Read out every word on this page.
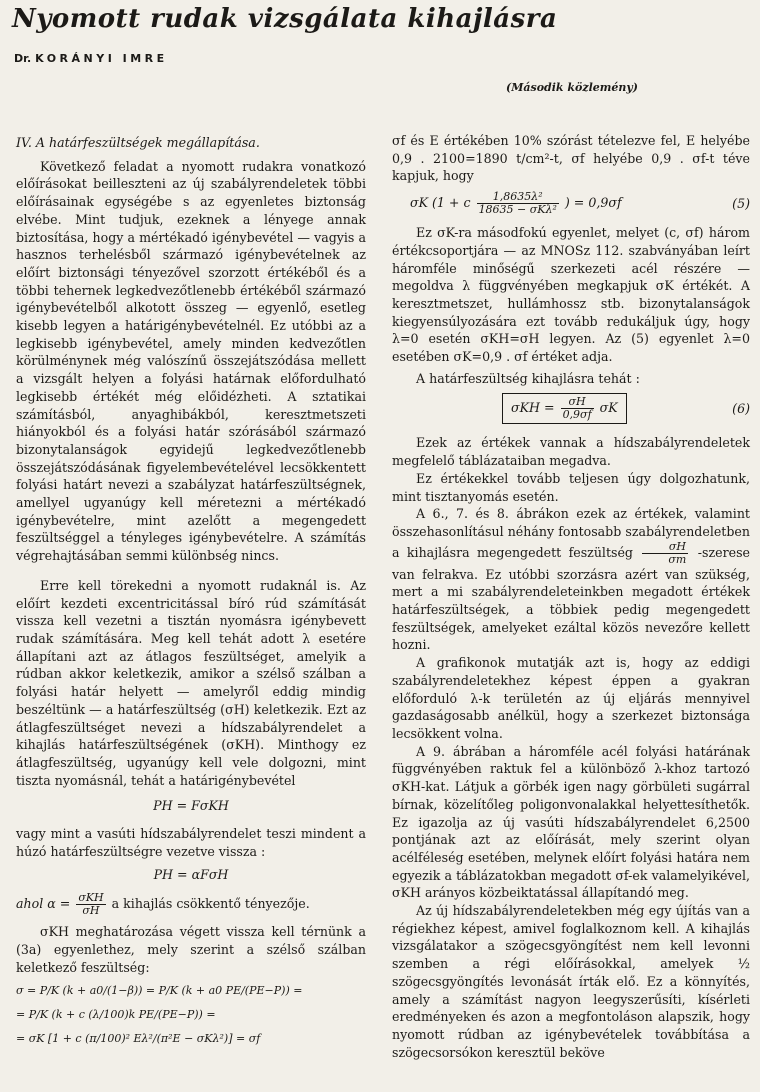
Nyomott rudak vizsgálata kihajlásra
Dr. KORÁNYI IMRE
(Második közlemény)
IV. A határfeszültségek megállapítása.

Következő feladat a nyomott rudakra vonatkozó előírásokat beilleszteni az új szabályrendeletek többi előírásainak egységébe s az egyenletes biztonság elvébe. Mint tudjuk, ezeknek a lényege annak biztosítása, hogy a mértékadó igénybevétel — vagyis a hasznos terhelésből származó igénybevételnek az előírt biztonsági tényezővel szorzott értékéből és a többi tehernek legkedvezőtlenebb értékéből származó igénybevételből alkotott összeg — egyenlő, esetleg kisebb legyen a határigénybevételnél. Ez utóbbi az a legkisebb igénybevétel, amely minden kedvezőtlen körülménynek még valószínű összejátszódása mellett a vizsgált helyen a folyási határnak előfordulható legkisebb értékét még előidézheti. A sztatikai számításból, anyaghibákból, keresztmetszeti hiányokból és a folyási határ szórásából származó bizonytalanságok egyidejű legkedvezőtlenebb összejátszódásának figyelembevételével lecsökkentett folyási határt nevezi a szabályzat határfeszültségnek, amellyel ugyanúgy kell méretezni a mértékadó igénybevételre, mint azelőtt a megengedett feszültséggel a tényleges igénybevételre. A számítás végrehajtásában semmi különbség nincs.

Erre kell törekedni a nyomott rudaknál is. Az előírt kezdeti excentricitással bíró rúd számítását vissza kell vezetni a tisztán nyomásra igénybevett rudak számítására. Meg kell tehát adott λ esetére állapítani azt az átlagos feszültséget, amelyik a rúdban akkor keletkezik, amikor a szélső szálban a folyási határ helyett — amelyről eddig mindig beszéltünk — a határfeszültség (σH) keletkezik. Ezt az átlagfeszültséget nevezi a hídszabályrendelet a kihajlás határfeszültségének (σKH). Minthogy ez átlagfeszültség, ugyanúgy kell vele dolgozni, mint tiszta nyomásnál, tehát a határigénybevétel

PH = FσKH

vagy mint a vasúti hídszabályrendelet teszi mindent a húzó határfeszültségre vezetve vissza :

PH = αFσH

ahol $\alpha = \frac{\text{σKH}}{\sigma H}$ a kihajlás csökkentő tényezője.

σKH meghatározása végett vissza kell térnünk a (3a) egyenlethez, mely szerint a szélső szálban keletkező feszültség:

σ = P/K (k + a0/(1−β)) = P/K (k + a0 PE/(PE−P)) =
= P/K (k + c (λ/100)k PE/(PE−P)) =
= σK [1 + c (π/100)² Eλ²/(π²E − σKλ²)] = σf

σf és E értékében 10% szórást tételezve fel, E helyébe 0,9 . 2100=1890 t/cm²-t, σf helyébe 0,9 . σf-t téve kapjuk, hogy

σK (1 + c $\frac{\text{1,8635λ²}}{\text{18635 − σKλ²}}$ ) = 0,9σf	(5)

Ez σK-ra másodfokú egyenlet, melyet (c, σf) három értékcsoportjára — az MNOSz 112. szabványában leírt háromféle minőségű szerkezeti acél részére — megoldva λ függvényében megkapjuk σK értékét. A keresztmetszet, hullámhossz stb. bizonytalanságok kiegyensúlyozására ezt tovább redukáljuk úgy, hogy λ=0 esetén σKH=σH legyen. Az (5) egyenlet λ=0 esetében σK=0,9 . σf értéket adja.

A határfeszültség kihajlásra tehát :

$\sigma KH = \frac{\sigma H}{0,9\sigma f}$ σK	(6)

Ezek az értékek vannak a hídszabályrendeletek megfelelő táblázataiban megadva.

Ez értékekkel tovább teljesen úgy dolgozhatunk, mint tisztanyomás esetén.

A 6., 7. és 8. ábrákon ezek az értékek, valamint összehasonlításul néhány fontosabb szabályrendeletben a kihajlásra megengedett feszültség $\frac{\sigma H}{\sigma m}$ -szerese van felrakva. Ez utóbbi szorzásra azért van szükség, mert a mi szabályrendeleteinkben megadott értékek határfeszültségek, a többiek pedig megengedett feszültségek, amelyeket ezáltal közös nevezőre kellett hozni.

A grafikonok mutatják azt is, hogy az eddigi szabályrendeletekhez képest éppen a gyakran előforduló λ-k területén az új eljárás mennyivel gazdaságosabb anélkül, hogy a szerkezet biztonsága lecsökkent volna.

A 9. ábrában a háromféle acél folyási határának függvényében raktuk fel a különböző λ-khoz tartozó σKH-kat. Látjuk a görbék igen nagy görbületi sugárral bírnak, közelítőleg poligonvonalakkal helyettesíthetők. Ez igazolja az új vasúti hídszabályrendelet 6,2500 pontjának azt az előírását, mely szerint olyan acélféleség esetében, melynek előírt folyási határa nem egyezik a táblázatokban megadott σf-ek valamelyikével, σKH arányos közbeiktatással állapítandó meg.

Az új hídszabályrendeletekben még egy újítás van a régiekhez képest, amivel foglalkoznom kell. A kihajlás vizsgálatakor a szögecsgyöngítést nem kell levonni szemben a régi előírásokkal, amelyek ½ szögecsgyöngítés levonását írták elő. Ez a könnyítés, amely a számítást nagyon leegyszerűsíti, kísérleti eredményeken és azon a megfontoláson alapszik, hogy nyomott rúdban az igénybevételek továbbítása a szögecsorsókon keresztül beköve
